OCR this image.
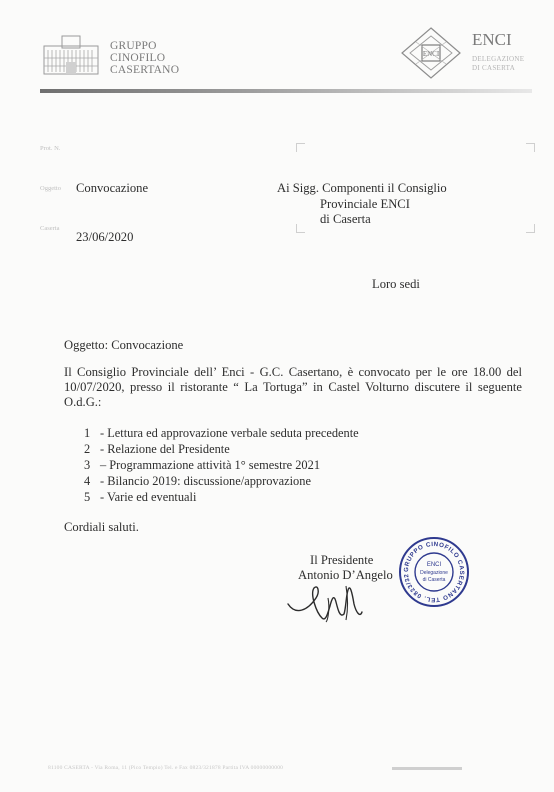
GRUPPO
CINOFILO
CASERTANO
ENCI
ENCI
DELEGAZIONE
DI CASERTA
Prot. N.
Oggetto Convocazione
Caserta
23/06/2020
Ai Sigg. Componenti il Consiglio
Provinciale ENCI
di Caserta
Loro sedi
Oggetto: Convocazione
Il Consiglio Provinciale dell’ Enci - G.C. Casertano, è convocato per le ore 18.00 del 10/07/2020, presso il ristorante “ La Tortuga” in Castel Volturno discutere il seguente O.d.G.:
1 - Lettura ed approvazione verbale seduta precedente
2 - Relazione del Presidente
3 – Programmazione attività 1° semestre 2021
4 - Bilancio 2019: discussione/approvazione
5 - Varie ed eventuali
Cordiali saluti.
Il Presidente
Antonio D’Angelo	GRUPPO CINOFILO CASERTANO TEL. 0823/32
ENCI
Delegazione
di Caserta
81100 CASERTA - Via Roma, 11 (Pico Tempio) Tel. e Fax 0823/321878 Partita IVA 00000000000
